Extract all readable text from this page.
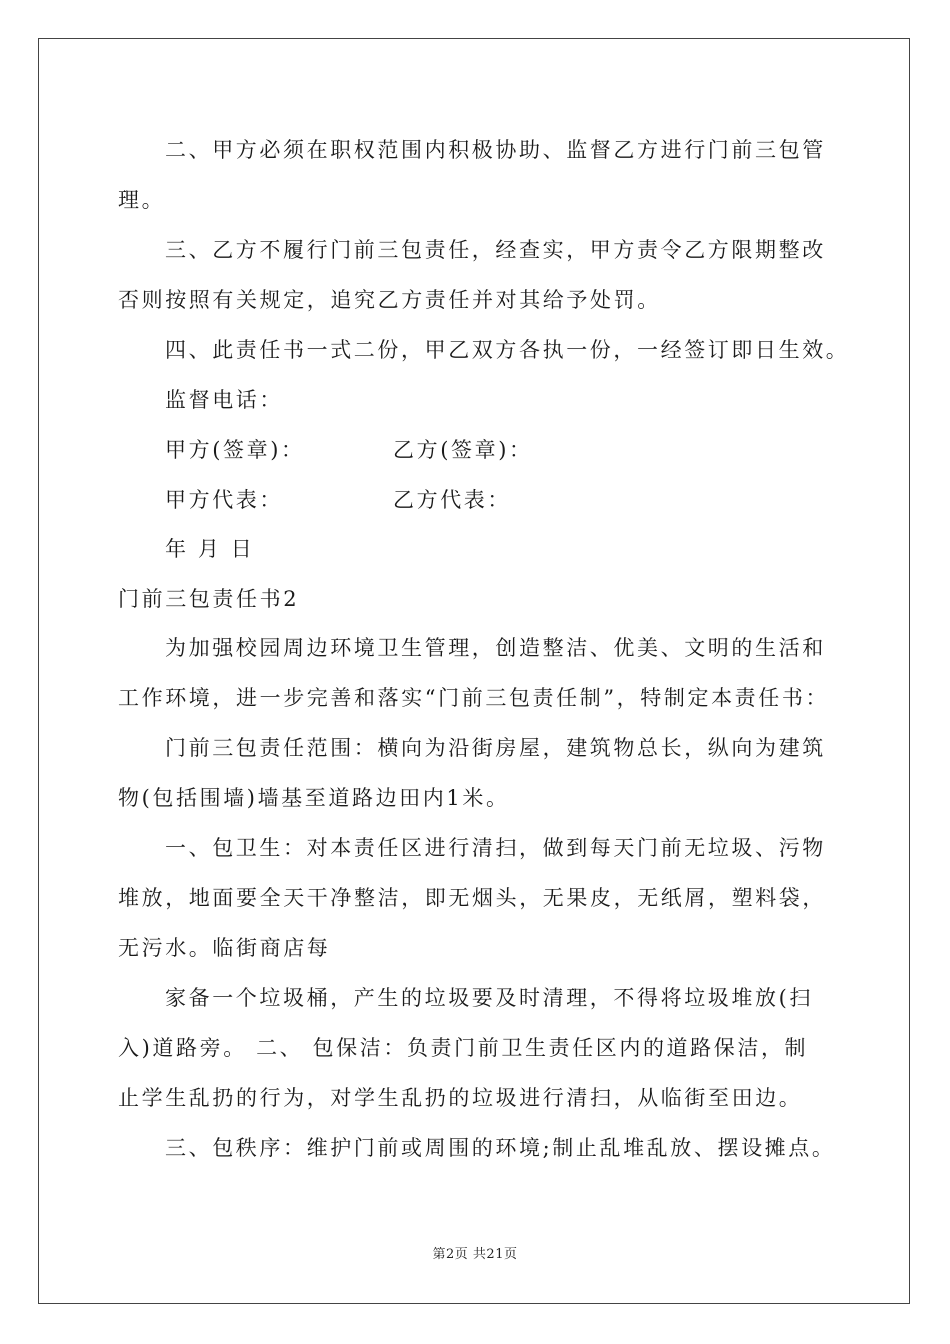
二、甲方必须在职权范围内积极协助、监督乙方进行门前三包管
理。
三、乙方不履行门前三包责任，经查实，甲方责令乙方限期整改
否则按照有关规定，追究乙方责任并对其给予处罚。
四、此责任书一式二份，甲乙双方各执一份，一经签订即日生效。
监督电话：
甲方(签章)：	乙方(签章)：
甲方代表：	乙方代表：
年 月 日
门前三包责任书2
为加强校园周边环境卫生管理，创造整洁、优美、文明的生活和
工作环境，进一步完善和落实“门前三包责任制”，特制定本责任书：
门前三包责任范围：横向为沿街房屋，建筑物总长，纵向为建筑
物(包括围墙)墙基至道路边田内1米。
一、包卫生：对本责任区进行清扫，做到每天门前无垃圾、污物
堆放，地面要全天干净整洁，即无烟头，无果皮，无纸屑，塑料袋，
无污水。临街商店每
家备一个垃圾桶，产生的垃圾要及时清理，不得将垃圾堆放(扫
入)道路旁。 二、 包保洁：负责门前卫生责任区内的道路保洁，制
止学生乱扔的行为，对学生乱扔的垃圾进行清扫，从临街至田边。
三、包秩序：维护门前或周围的环境;制止乱堆乱放、摆设摊点。
第2页 共21页
